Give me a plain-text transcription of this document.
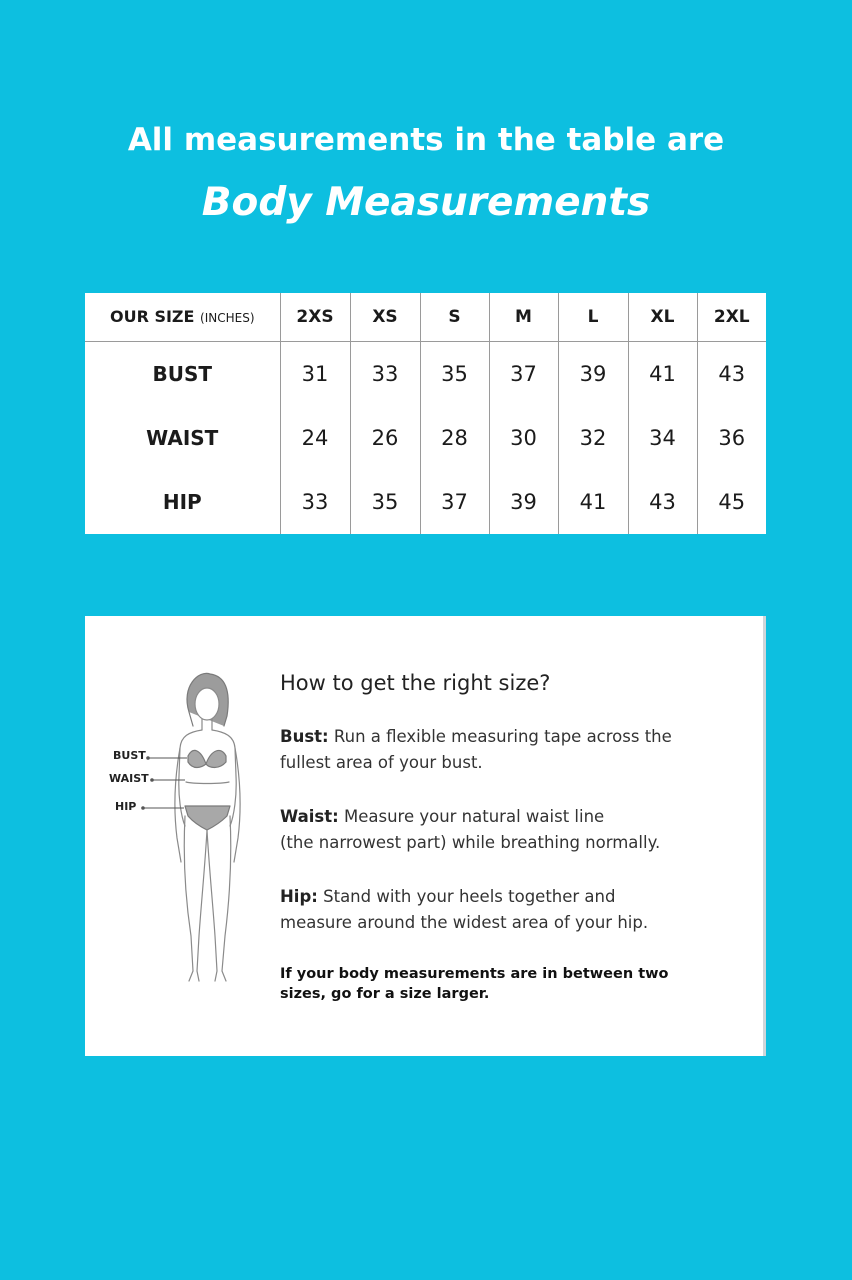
All measurements in the table are
Body Measurements
OUR SIZE (INCHES)	2XS	XS	S	M	L	XL	2XL
BUST	31	33	35	37	39	41	43
WAIST	24	26	28	30	32	34	36
HIP	33	35	37	39	41	43	45
BUST
WAIST
HIP
How to get the right size?
Bust: Run a flexible measuring tape across the
fullest area of your bust.
Waist: Measure your natural waist line
(the narrowest part) while breathing normally.
Hip: Stand with your heels together and
measure around the widest area of your hip.
If your body measurements are in between two
sizes, go for a size larger.
